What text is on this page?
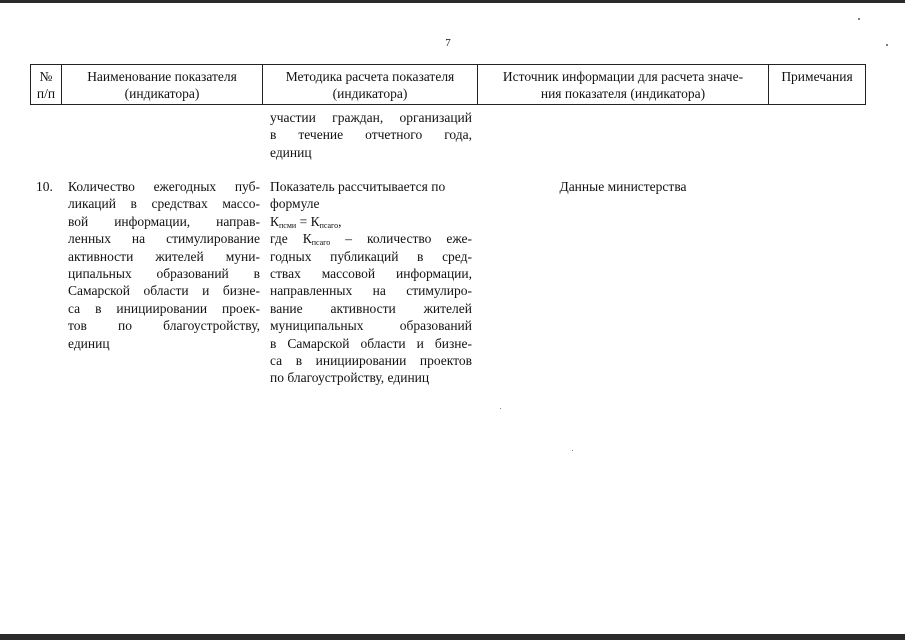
7
№
п/п
Наименование показателя
(индикатора)
Методика расчета показателя
(индикатора)
Источник информации для расчета значе-
ния показателя (индикатора)
Примечания
участии граждан, организаций
в течение отчетного года,
единиц
10. Количество ежегодных пуб-
ликаций в средствах массо-
вой информации, направ-
ленных на стимулирование
активности жителей муни-
ципальных образований в
Самарской области и бизне-
са в инициировании проек-
тов по благоустройству,
единиц
Показатель рассчитывается по
формуле
$К_{псми} = К_{псаго}$,
где $К_{псаго}$ – количество еже-
годных публикаций в сред-
ствах массовой информации,
направленных на стимулиро-
вание активности жителей
муниципальных образований
в Самарской области и бизне-
са в инициировании проектов
по благоустройству, единиц
Данные министерства
